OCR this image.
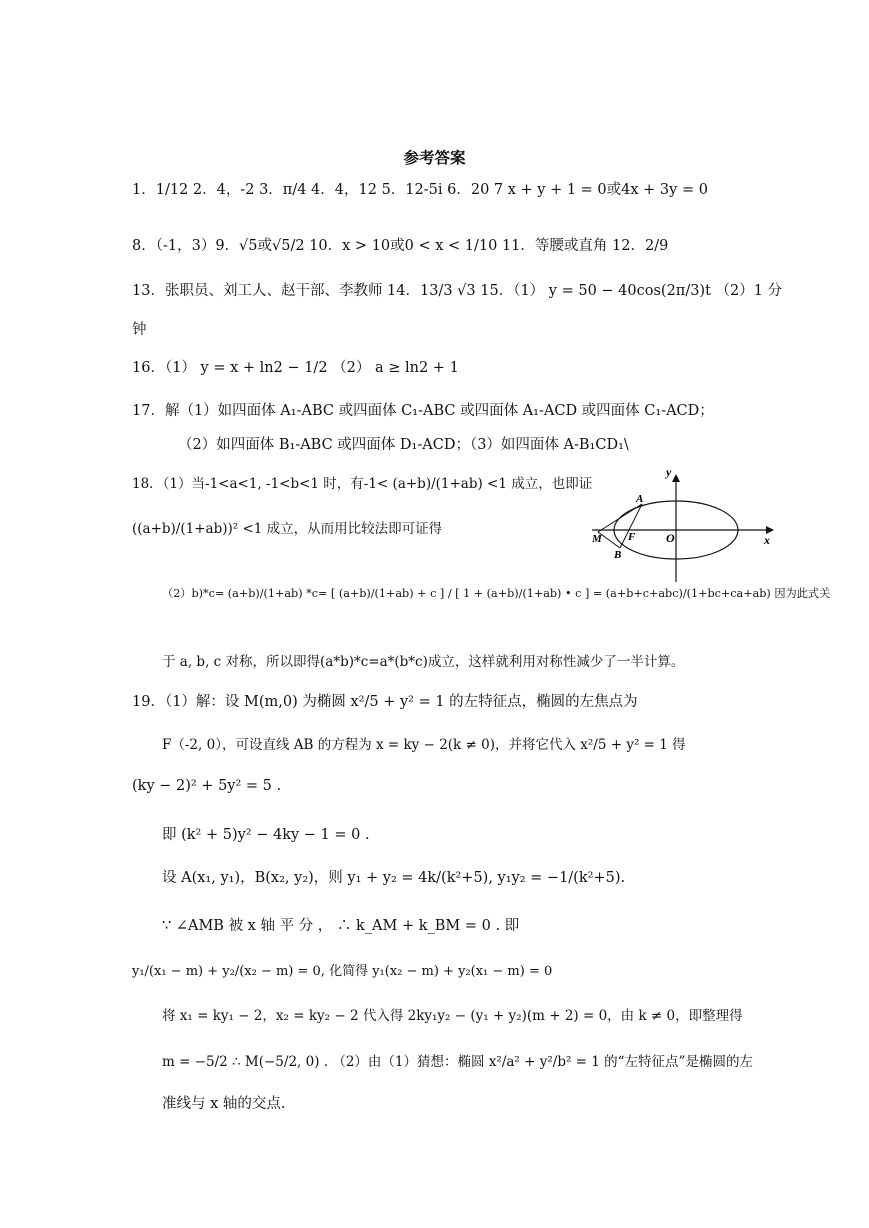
参考答案
1．1/12 2．4，-2 3．π/4 4．4，12 5．12-5i 6．20 7 x + y + 1 = 0或4x + 3y = 0
8．（-1，3）9．√5或√5/2 10．x > 10或0 < x < 1/10 11．等腰或直角 12．2/9
13．张职员、刘工人、赵干部、李教师 14．13/3 √3 15．（1） y = 50 − 40cos(2π/3)t （2）1 分
钟
16．（1） y = x + ln2 − 1/2 （2） a ≥ ln2 + 1
17．解（1）如四面体 A₁-ABC 或四面体 C₁-ABC 或四面体 A₁-ACD 或四面体 C₁-ACD；
（2）如四面体 B₁-ABC 或四面体 D₁-ACD；（3）如四面体 A-B₁CD₁\
18．（1）当-1<a<1, -1<b<1 时，有-1< (a+b)/(1+ab) <1 成立，也即证
((a+b)/(1+ab))² <1 成立，从而用比较法即可证得
（2）b)*c= (a+b)/(1+ab) *c= [ (a+b)/(1+ab) + c ] / [ 1 + (a+b)/(1+ab) • c ] = (a+b+c+abc)/(1+bc+ca+ab) 因为此式关
于 a, b, c 对称，所以即得(a*b)*c=a*(b*c)成立，这样就利用对称性减少了一半计算。
y
x
O
A
F
M
B
19．（1）解：设 M(m,0) 为椭圆 x²/5 + y² = 1 的左特征点，椭圆的左焦点为
F（-2, 0），可设直线 AB 的方程为 x = ky − 2(k ≠ 0)，并将它代入 x²/5 + y² = 1 得
(ky − 2)² + 5y² = 5 .
即 (k² + 5)y² − 4ky − 1 = 0 .
设 A(x₁, y₁)，B(x₂, y₂)，则 y₁ + y₂ = 4k/(k²+5), y₁y₂ = −1/(k²+5).
∵ ∠AMB 被 x 轴 平 分 ， ∴ k_AM + k_BM = 0 . 即
y₁/(x₁ − m) + y₂/(x₂ − m) = 0, 化简得 y₁(x₂ − m) + y₂(x₁ − m) = 0
将 x₁ = ky₁ − 2，x₂ = ky₂ − 2 代入得 2ky₁y₂ − (y₁ + y₂)(m + 2) = 0，由 k ≠ 0，即整理得
m = −5/2 ∴ M(−5/2, 0) . （2）由（1）猜想：椭圆 x²/a² + y²/b² = 1 的“左特征点”是椭圆的左
准线与 x 轴的交点.
